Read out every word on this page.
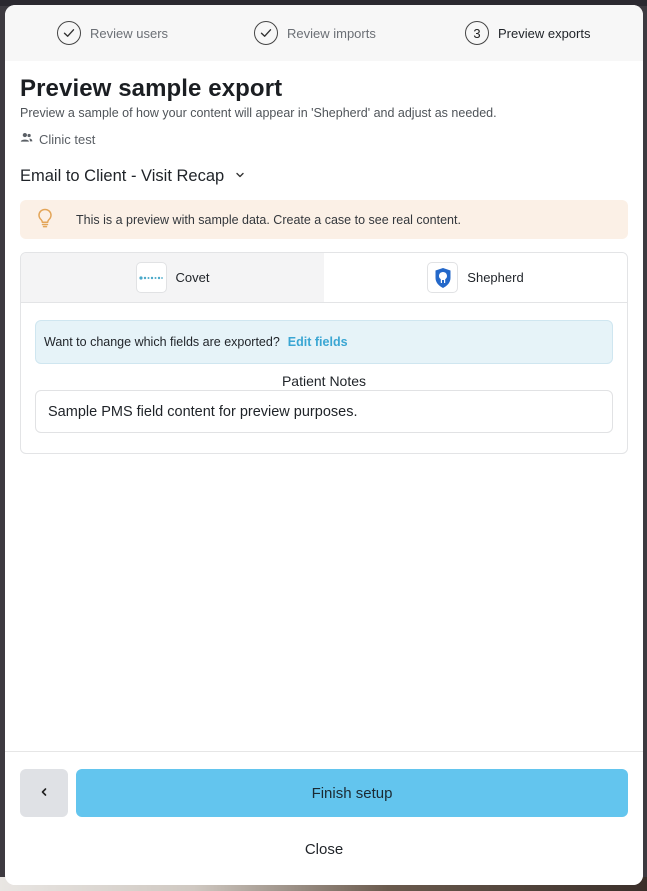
Review users	Review imports	3	Preview exports
Preview sample export

Preview a sample of how your content will appear in 'Shepherd' and adjust as needed.

Clinic test
Email to Client - Visit Recap
This is a preview with sample data. Create a case to see real content.
Covet	Shepherd
Want to change which fields are exported? Edit fields
Patient Notes
Sample PMS field content for preview purposes.
Finish setup
Close
